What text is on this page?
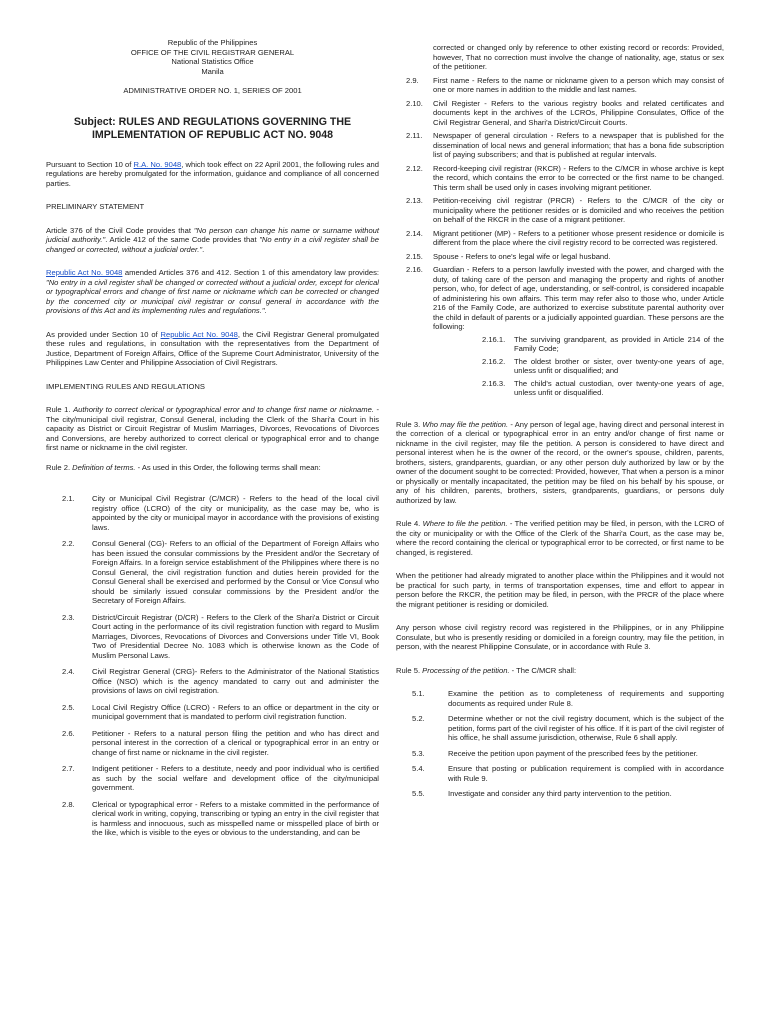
Republic of the Philippines
OFFICE OF THE CIVIL REGISTRAR GENERAL
National Statistics Office
Manila
ADMINISTRATIVE ORDER NO. 1, SERIES OF 2001
Subject: RULES AND REGULATIONS GOVERNING THE
IMPLEMENTATION OF REPUBLIC ACT NO. 9048

Pursuant to Section 10 of R.A. No. 9048, which took effect on 22 April 2001, the following rules and regulations are hereby promulgated for the information, guidance and compliance of all concerned parties.

PRELIMINARY STATEMENT

Article 376 of the Civil Code provides that "No person can change his name or surname without judicial authority.". Article 412 of the same Code provides that "No entry in a civil register shall be changed or corrected, without a judicial order.".

Republic Act No. 9048 amended Articles 376 and 412. Section 1 of this amendatory law provides: "No entry in a civil register shall be changed or corrected without a judicial order, except for clerical or typographical errors and change of first name or nickname which can be corrected or changed by the concerned city or municipal civil registrar or consul general in accordance with the provisions of this Act and its implementing rules and regulations.".

As provided under Section 10 of Republic Act No. 9048, the Civil Registrar General promulgated these rules and regulations, in consultation with the representatives from the Department of Justice, Department of Foreign Affairs, Office of the Supreme Court Administrator, University of the Philippines Law Center and Philippine Association of Civil Registrars.

IMPLEMENTING RULES AND REGULATIONS

Rule 1. Authority to correct clerical or typographical error and to change first name or nickname. - The city/municipal civil registrar, Consul General, including the Clerk of the Shari'a Court in his capacity as District or Circuit Registrar of Muslim Marriages, Divorces, Revocations of Divorces and Conversions, are hereby authorized to correct clerical or typographical error and to change first name or nickname in the civil register.

Rule 2. Definition of terms. - As used in this Order, the following terms shall mean:

2.1.	City or Municipal Civil Registrar (C/MCR) - Refers to the head of the local civil registry office (LCRO) of the city or municipality, as the case may be, who is appointed by the city or municipal mayor in accordance with the provisions of existing laws.
2.2.	Consul General (CG)- Refers to an official of the Department of Foreign Affairs who has been issued the consular commissions by the President and/or the Secretary of Foreign Affairs. In a foreign service establishment of the Philippines where there is no Consul General, the civil registration function and duties herein provided for the Consul General shall be exercised and performed by the Consul or Vice Consul who should be similarly issued consular commissions by the President and/or the Secretary of Foreign Affairs.
2.3.	District/Circuit Registrar (D/CR) - Refers to the Clerk of the Shari'a District or Circuit Court acting in the performance of its civil registration function with regard to Muslim Marriages, Divorces, Revocations of Divorces and Conversions under Title VI, Book Two of Presidential Decree No. 1083 which is otherwise known as the Code of Muslim Personal Laws.
2.4.	Civil Registrar General (CRG)- Refers to the Administrator of the National Statistics Office (NSO) which is the agency mandated to carry out and administer the provisions of laws on civil registration.
2.5.	Local Civil Registry Office (LCRO) - Refers to an office or department in the city or municipal government that is mandated to perform civil registration function.
2.6.	Petitioner - Refers to a natural person filing the petition and who has direct and personal interest in the correction of a clerical or typographical error in an entry or change of first name or nickname in the civil register.
2.7.	Indigent petitioner - Refers to a destitute, needy and poor individual who is certified as such by the social welfare and development office of the city/municipal government.
2.8.	Clerical or typographical error - Refers to a mistake committed in the performance of clerical work in writing, copying, transcribing or typing an entry in the civil register that is harmless and innocuous, such as misspelled name or misspelled place of birth or the like, which is visible to the eyes or obvious to the understanding, and can be

corrected or changed only by reference to other existing record or records: Provided, however, That no correction must involve the change of nationality, age, status or sex of the petitioner.

2.9.	First name - Refers to the name or nickname given to a person which may consist of one or more names in addition to the middle and last names.
2.10.	Civil Register - Refers to the various registry books and related certificates and documents kept in the archives of the LCROs, Philippine Consulates, Office of the Civil Registrar General, and Shari'a District/Circuit Courts.
2.11.	Newspaper of general circulation - Refers to a newspaper that is published for the dissemination of local news and general information; that has a bona fide subscription list of paying subscribers; and that is published at regular intervals.
2.12.	Record-keeping civil registrar (RKCR) - Refers to the C/MCR in whose archive is kept the record, which contains the error to be corrected or the first name to be changed. This term shall be used only in cases involving migrant petitioner.
2.13.	Petition-receiving civil registrar (PRCR) - Refers to the C/MCR of the city or municipality where the petitioner resides or is domiciled and who receives the petition on behalf of the RKCR in the case of a migrant petitioner.
2.14.	Migrant petitioner (MP) - Refers to a petitioner whose present residence or domicile is different from the place where the civil registry record to be corrected was registered.
2.15.	Spouse - Refers to one's legal wife or legal husband.
2.16.	Guardian - Refers to a person lawfully invested with the power, and charged with the duty, of taking care of the person and managing the property and rights of another person, who, for defect of age, understanding, or self-control, is considered incapable of administering his own affairs. This term may refer also to those who, under Article 216 of the Family Code, are authorized to exercise substitute parental authority over the child in default of parents or a judicially appointed guardian. These persons are the following:
2.16.1.	The surviving grandparent, as provided in Article 214 of the Family Code;
2.16.2.	The oldest brother or sister, over twenty-one years of age, unless unfit or disqualified; and
2.16.3.	The child's actual custodian, over twenty-one years of age, unless unfit or disqualified.

Rule 3. Who may file the petition. - Any person of legal age, having direct and personal interest in the correction of a clerical or typographical error in an entry and/or change of first name or nickname in the civil register, may file the petition. A person is considered to have direct and personal interest when he is the owner of the record, or the owner's spouse, children, parents, brothers, sisters, grandparents, guardian, or any other person duly authorized by law or by the owner of the document sought to be corrected: Provided, however, That when a person is a minor or physically or mentally incapacitated, the petition may be filed on his behalf by his spouse, or any of his children, parents, brothers, sisters, grandparents, guardians, or persons duly authorized by law.

Rule 4. Where to file the petition. - The verified petition may be filed, in person, with the LCRO of the city or municipality or with the Office of the Clerk of the Shari'a Court, as the case may be, where the record containing the clerical or typographical error to be corrected, or first name to be changed, is registered.

When the petitioner had already migrated to another place within the Philippines and it would not be practical for such party, in terms of transportation expenses, time and effort to appear in person before the RKCR, the petition may be filed, in person, with the PRCR of the place where the migrant petitioner is residing or domiciled.

Any person whose civil registry record was registered in the Philippines, or in any Philippine Consulate, but who is presently residing or domiciled in a foreign country, may file the petition, in person, with the nearest Philippine Consulate, or in accordance with Rule 3.

Rule 5. Processing of the petition. - The C/MCR shall:

5.1.	Examine the petition as to completeness of requirements and supporting documents as required under Rule 8.
5.2.	Determine whether or not the civil registry document, which is the subject of the petition, forms part of the civil register of his office. If it is part of the civil register of his office, he shall assume jurisdiction, otherwise, Rule 6 shall apply.
5.3.	Receive the petition upon payment of the prescribed fees by the petitioner.
5.4.	Ensure that posting or publication requirement is complied with in accordance with Rule 9.
5.5.	Investigate and consider any third party intervention to the petition.
